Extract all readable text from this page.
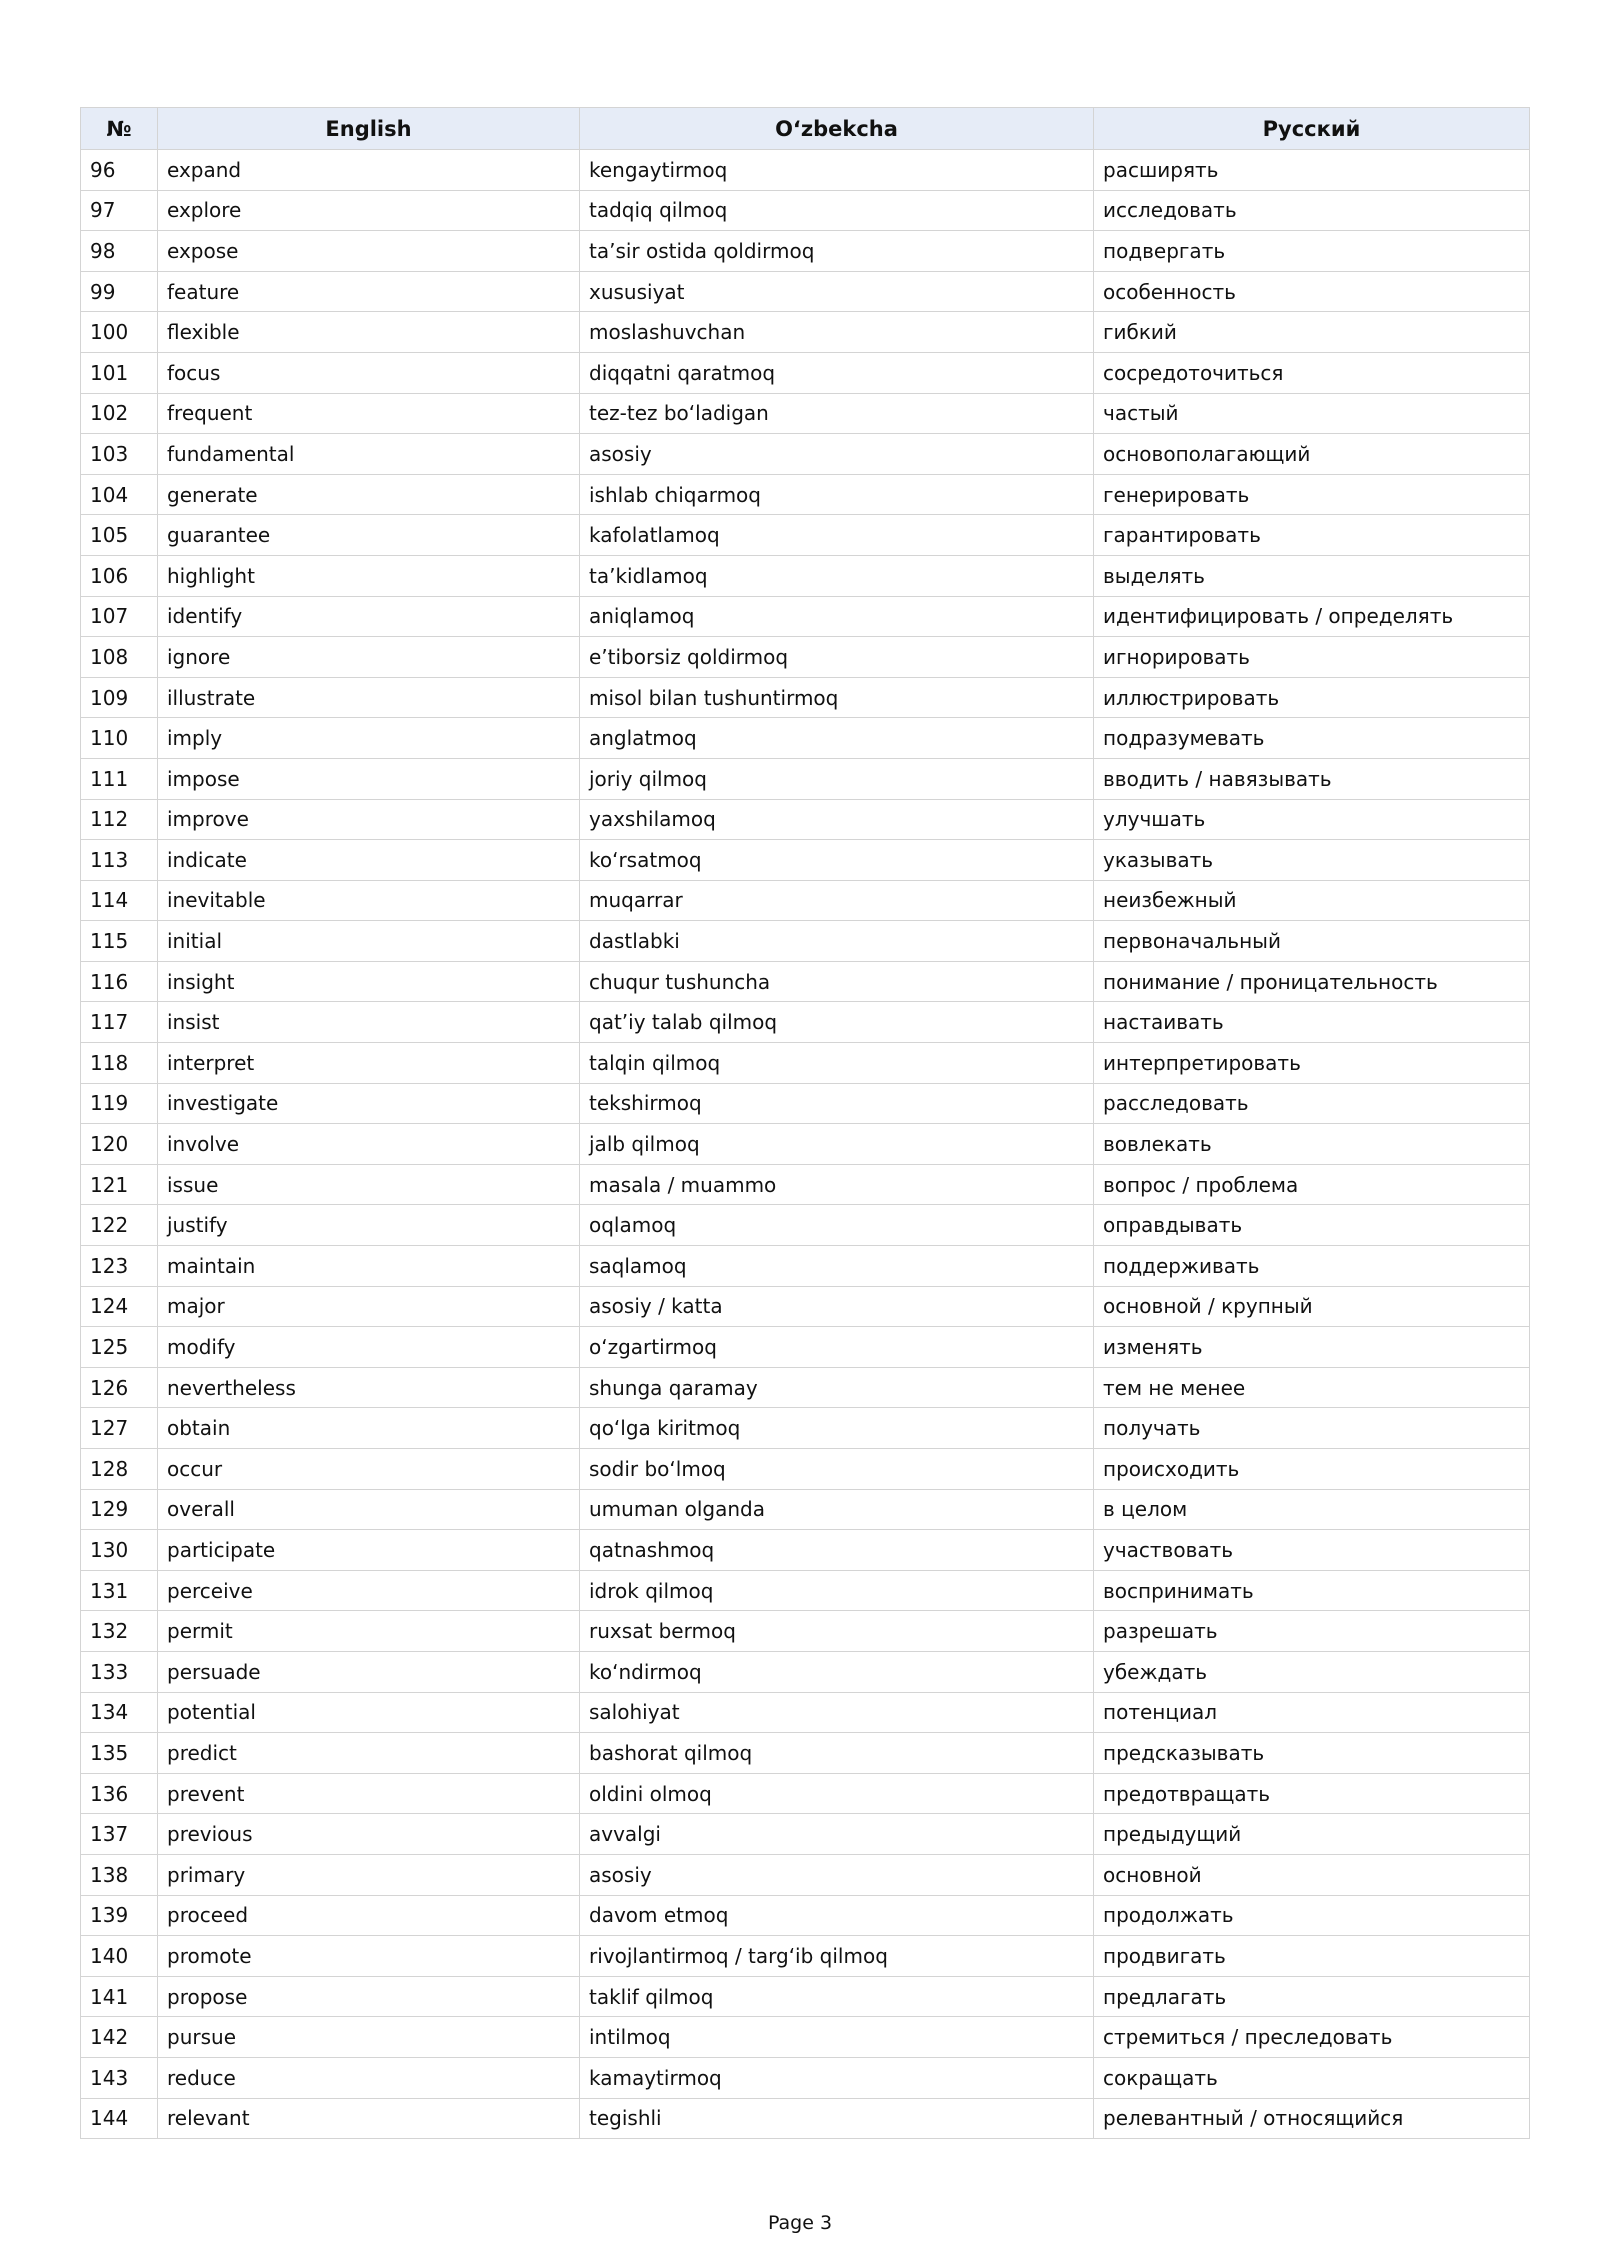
№	English	O‘zbekcha	Русский
96	expand	kengaytirmoq	расширять
97	explore	tadqiq qilmoq	исследовать
98	expose	ta’sir ostida qoldirmoq	подвергать
99	feature	xususiyat	особенность
100	flexible	moslashuvchan	гибкий
101	focus	diqqatni qaratmoq	сосредоточиться
102	frequent	tez-tez bo‘ladigan	частый
103	fundamental	asosiy	основополагающий
104	generate	ishlab chiqarmoq	генерировать
105	guarantee	kafolatlamoq	гарантировать
106	highlight	ta’kidlamoq	выделять
107	identify	aniqlamoq	идентифицировать / определять
108	ignore	e’tiborsiz qoldirmoq	игнорировать
109	illustrate	misol bilan tushuntirmoq	иллюстрировать
110	imply	anglatmoq	подразумевать
111	impose	joriy qilmoq	вводить / навязывать
112	improve	yaxshilamoq	улучшать
113	indicate	ko‘rsatmoq	указывать
114	inevitable	muqarrar	неизбежный
115	initial	dastlabki	первоначальный
116	insight	chuqur tushuncha	понимание / проницательность
117	insist	qat’iy talab qilmoq	настаивать
118	interpret	talqin qilmoq	интерпретировать
119	investigate	tekshirmoq	расследовать
120	involve	jalb qilmoq	вовлекать
121	issue	masala / muammo	вопрос / проблема
122	justify	oqlamoq	оправдывать
123	maintain	saqlamoq	поддерживать
124	major	asosiy / katta	основной / крупный
125	modify	o‘zgartirmoq	изменять
126	nevertheless	shunga qaramay	тем не менее
127	obtain	qo‘lga kiritmoq	получать
128	occur	sodir bo‘lmoq	происходить
129	overall	umuman olganda	в целом
130	participate	qatnashmoq	участвовать
131	perceive	idrok qilmoq	воспринимать
132	permit	ruxsat bermoq	разрешать
133	persuade	ko‘ndirmoq	убеждать
134	potential	salohiyat	потенциал
135	predict	bashorat qilmoq	предсказывать
136	prevent	oldini olmoq	предотвращать
137	previous	avvalgi	предыдущий
138	primary	asosiy	основной
139	proceed	davom etmoq	продолжать
140	promote	rivojlantirmoq / targ‘ib qilmoq	продвигать
141	propose	taklif qilmoq	предлагать
142	pursue	intilmoq	стремиться / преследовать
143	reduce	kamaytirmoq	сокращать
144	relevant	tegishli	релевантный / относящийся
Page 3
